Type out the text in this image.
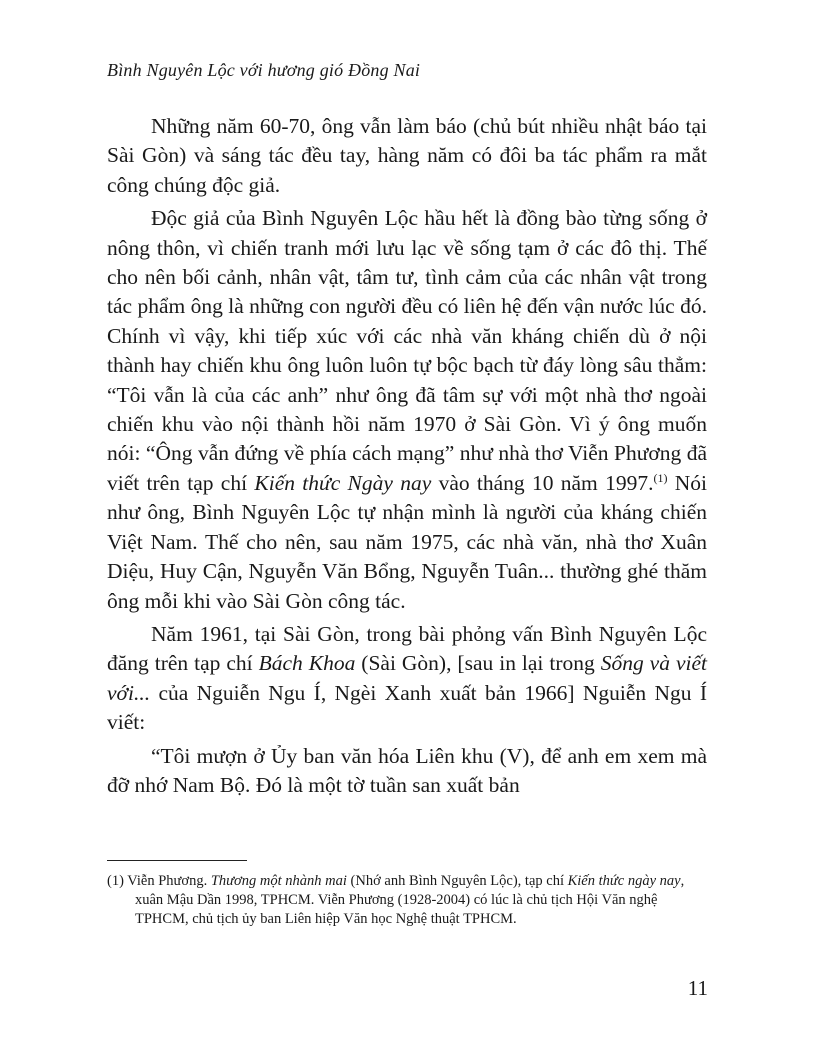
Bình Nguyên Lộc với hương gió Đồng Nai

Những năm 60-70, ông vẫn làm báo (chủ bút nhiều nhật báo tại Sài Gòn) và sáng tác đều tay, hàng năm có đôi ba tác phẩm ra mắt công chúng độc giả.

Độc giả của Bình Nguyên Lộc hầu hết là đồng bào từng sống ở nông thôn, vì chiến tranh mới lưu lạc về sống tạm ở các đô thị. Thế cho nên bối cảnh, nhân vật, tâm tư, tình cảm của các nhân vật trong tác phẩm ông là những con người đều có liên hệ đến vận nước lúc đó. Chính vì vậy, khi tiếp xúc với các nhà văn kháng chiến dù ở nội thành hay chiến khu ông luôn luôn tự bộc bạch từ đáy lòng sâu thẳm: “Tôi vẫn là của các anh” như ông đã tâm sự với một nhà thơ ngoài chiến khu vào nội thành hồi năm 1970 ở Sài Gòn. Vì ý ông muốn nói: “Ông vẫn đứng về phía cách mạng” như nhà thơ Viễn Phương đã viết trên tạp chí Kiến thức Ngày nay vào tháng 10 năm 1997.$^{(1)}$ Nói như ông, Bình Nguyên Lộc tự nhận mình là người của kháng chiến Việt Nam. Thế cho nên, sau năm 1975, các nhà văn, nhà thơ Xuân Diệu, Huy Cận, Nguyễn Văn Bổng, Nguyễn Tuân... thường ghé thăm ông mỗi khi vào Sài Gòn công tác.

Năm 1961, tại Sài Gòn, trong bài phỏng vấn Bình Nguyên Lộc đăng trên tạp chí Bách Khoa (Sài Gòn), [sau in lại trong Sống và viết với... của Nguiễn Ngu Í, Ngèi Xanh xuất bản 1966] Nguiễn Ngu Í viết:

“Tôi mượn ở Ủy ban văn hóa Liên khu (V), để anh em xem mà đỡ nhớ Nam Bộ. Đó là một tờ tuần san xuất bản

(1) Viễn Phương. Thương một nhành mai (Nhớ anh Bình Nguyên Lộc), tạp chí Kiến thức ngày nay, xuân Mậu Dần 1998, TPHCM. Viễn Phương (1928-2004) có lúc là chủ tịch Hội Văn nghệ TPHCM, chủ tịch ủy ban Liên hiệp Văn học Nghệ thuật TPHCM.
11
